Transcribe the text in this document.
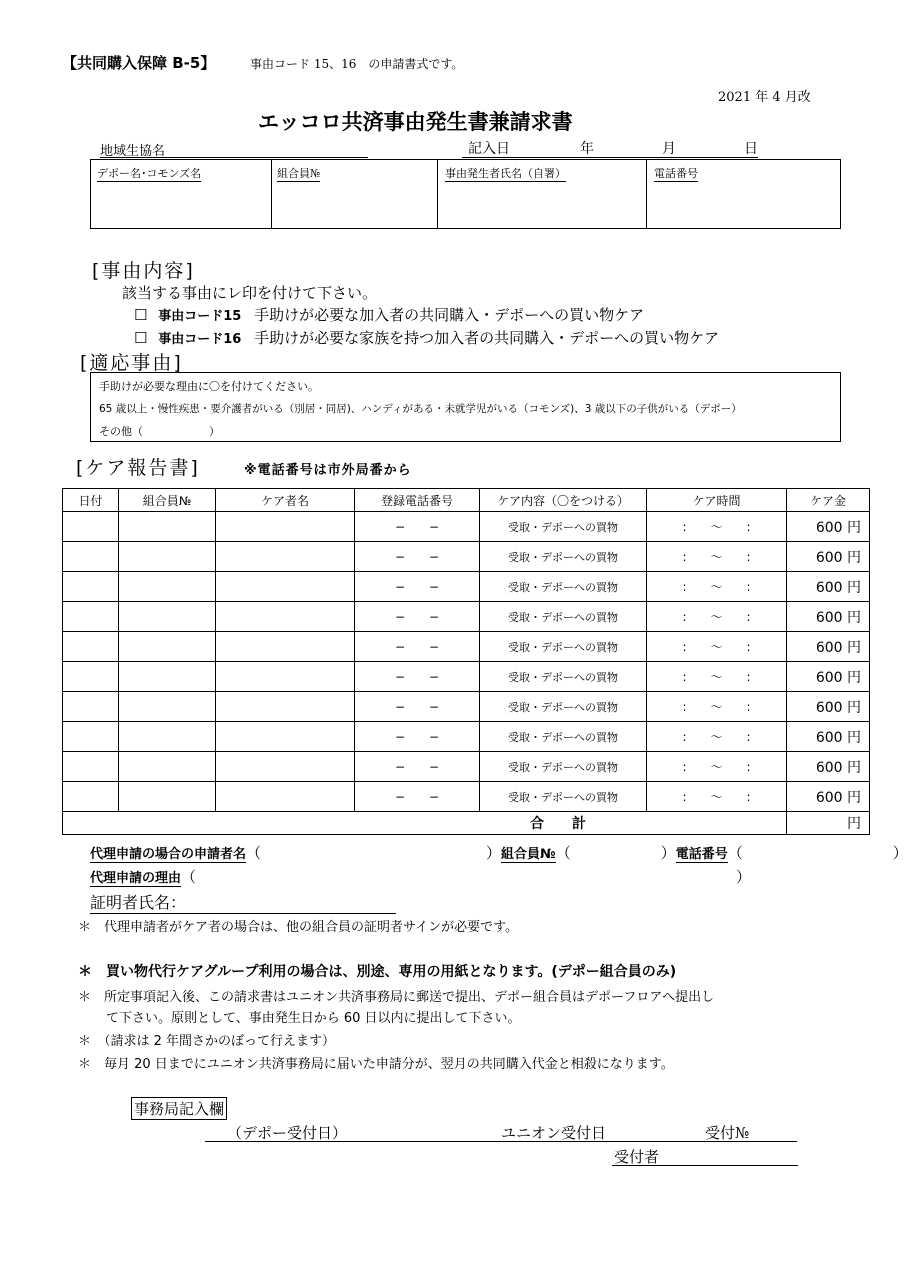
【共同購入保障 B-5】	事由コード 15、16　の申請書式です。
2021 年 4 月改
エッコロ共済事由発生書兼請求書
地域生協名	記入日	年	月	日
デポー名･コモンズ名	組合員№	事由発生者氏名（自署）	電話番号
[事由内容]
該当する事由にレ印を付けて下さい。
☐ 事由コード15 手助けが必要な加入者の共同購入・デポーへの買い物ケア
☐ 事由コード16 手助けが必要な家族を持つ加入者の共同購入・デポーへの買い物ケア
[適応事由]
手助けが必要な理由に〇を付けてください。
65 歳以上・慢性疾患・要介護者がいる（別居・同居)、ハンディがある・未就学児がいる（コモンズ)、3 歳以下の子供がいる（デポー）
その他（　　　　　　）
[ケア報告書]	※電話番号は市外局番から
日付	組合員№	ケア者名	登録電話番号	ケア内容（〇をつける）	ケア時間	ケア金
			−　　−	受取・デポーへの買物	:　　〜　　:	600 円
			−　　−	受取・デポーへの買物	:　　〜　　:	600 円
			−　　−	受取・デポーへの買物	:　　〜　　:	600 円
			−　　−	受取・デポーへの買物	:　　〜　　:	600 円
			−　　−	受取・デポーへの買物	:　　〜　　:	600 円
			−　　−	受取・デポーへの買物	:　　〜　　:	600 円
			−　　−	受取・デポーへの買物	:　　〜　　:	600 円
			−　　−	受取・デポーへの買物	:　　〜　　:	600 円
			−　　−	受取・デポーへの買物	:　　〜　　:	600 円
			−　　−	受取・デポーへの買物	:　　〜　　:	600 円
合　　計						円
代理申請の場合の申請者名（　　　　　　　　　　　　　　　）組合員№（　　　　　　）電話番号（　　　　　　　　　　）
代理申請の理由（　　　　　　　　　　　　　　　　　　　　　　　　　　　　　　　　　　　　）
証明者氏名：
＊　代理申請者がケア者の場合は、他の組合員の証明者サインが必要です。
＊　買い物代行ケアグループ利用の場合は、別途、専用の用紙となります。(デポー組合員のみ)
＊　所定事項記入後、この請求書はユニオン共済事務局に郵送で提出、デポー組合員はデポーフロアへ提出し
て下さい。原則として、事由発生日から 60 日以内に提出して下さい。
＊　（請求は 2 年間さかのぼって行えます）
＊　毎月 20 日までにユニオン共済事務局に届いた申請分が、翌月の共同購入代金と相殺になります。
事務局記入欄
（デポー受付日）	ユニオン受付日	受付№
受付者
